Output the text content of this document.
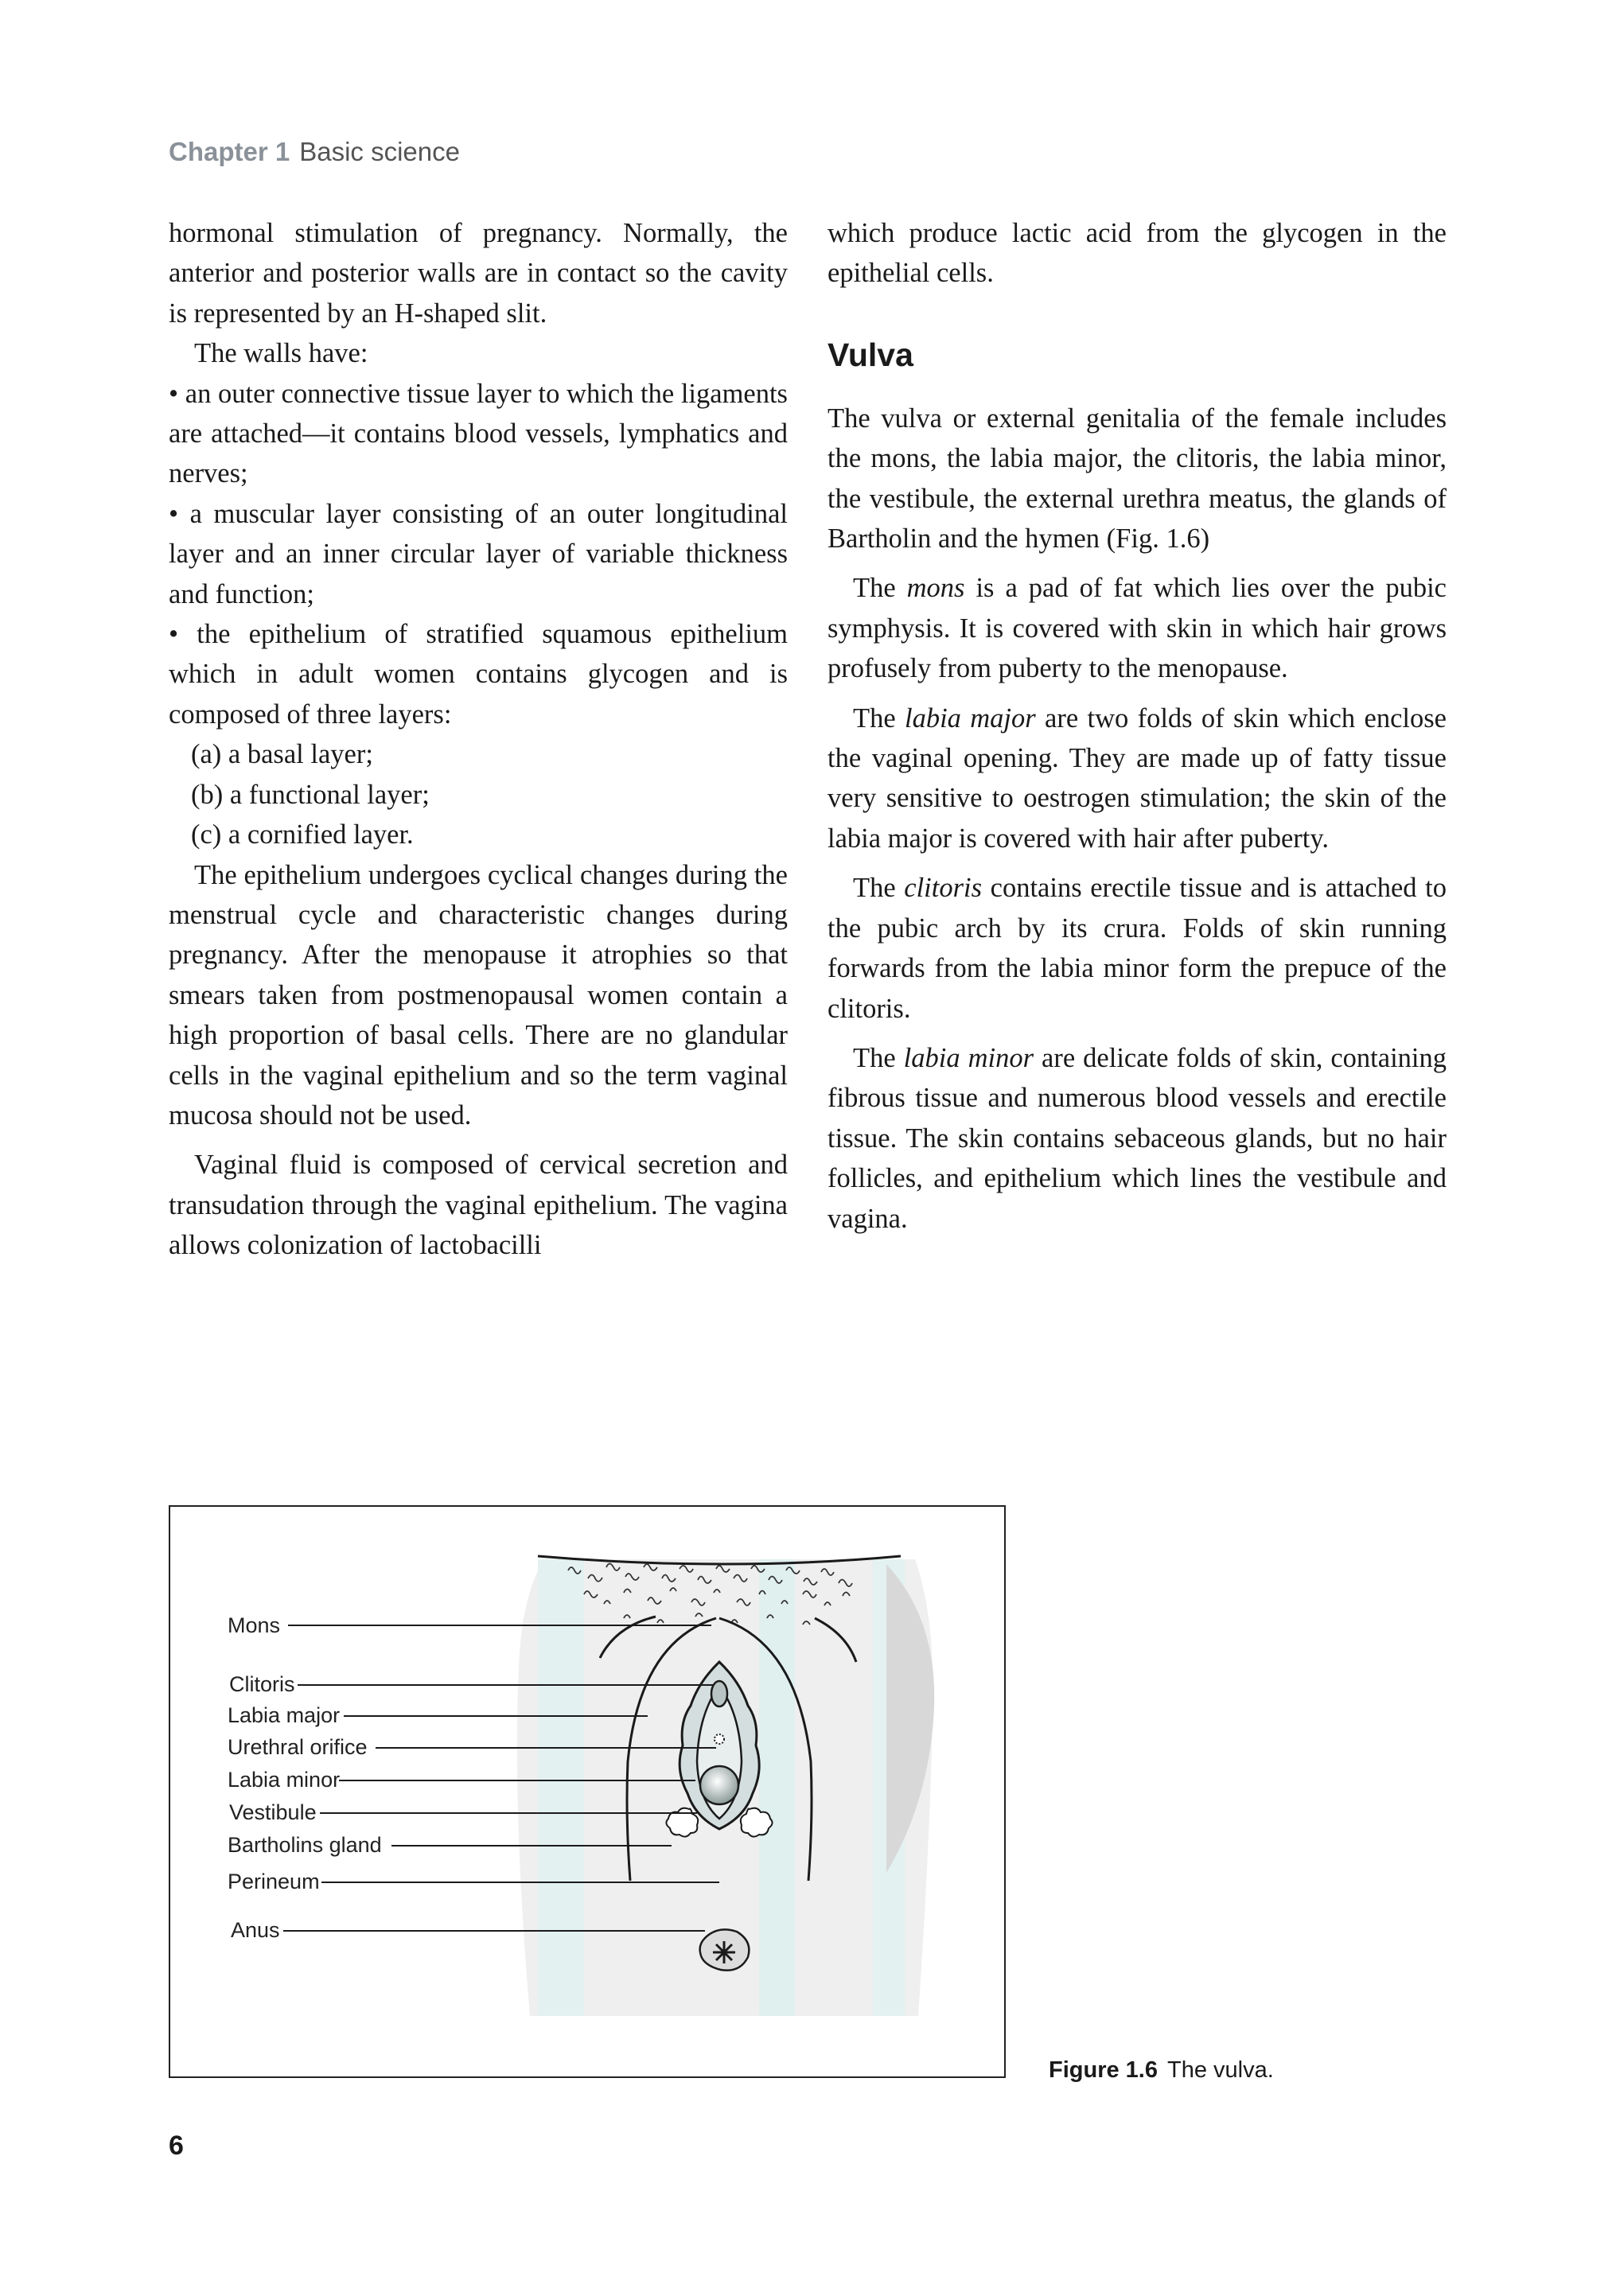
Chapter 1 Basic science

hormonal stimulation of pregnancy. Normally, the anterior and posterior walls are in contact so the cavity is represented by an H-shaped slit.

The walls have:

• an outer connective tissue layer to which the ligaments are attached—it contains blood vessels, lymphatics and nerves;

• a muscular layer consisting of an outer longitudinal layer and an inner circular layer of variable thickness and function;

• the epithelium of stratified squamous epithelium which in adult women contains glycogen and is composed of three layers:

(a) a basal layer;

(b) a functional layer;

(c) a cornified layer.

The epithelium undergoes cyclical changes during the menstrual cycle and characteristic changes during pregnancy. After the menopause it atrophies so that smears taken from postmenopausal women contain a high proportion of basal cells. There are no glandular cells in the vaginal epithelium and so the term vaginal mucosa should not be used.

Vaginal fluid is composed of cervical secretion and transudation through the vaginal epithelium. The vagina allows colonization of lactobacilli

which produce lactic acid from the glycogen in the epithelial cells.

Vulva

The vulva or external genitalia of the female includes the mons, the labia major, the clitoris, the labia minor, the vestibule, the external urethra meatus, the glands of Bartholin and the hymen (Fig. 1.6)

The mons is a pad of fat which lies over the pubic symphysis. It is covered with skin in which hair grows profusely from puberty to the menopause.

The labia major are two folds of skin which enclose the vaginal opening. They are made up of fatty tissue very sensitive to oestrogen stimulation; the skin of the labia major is covered with hair after puberty.

The clitoris contains erectile tissue and is attached to the pubic arch by its crura. Folds of skin running forwards from the labia minor form the prepuce of the clitoris.

The labia minor are delicate folds of skin, containing fibrous tissue and numerous blood vessels and erectile tissue. The skin contains sebaceous glands, but no hair follicles, and epithelium which lines the vestibule and vagina.

Mons
Clitoris
Labia major
Urethral orifice
Labia minor
Vestibule
Bartholins gland
Perineum
Anus
Figure 1.6 The vulva.
6
